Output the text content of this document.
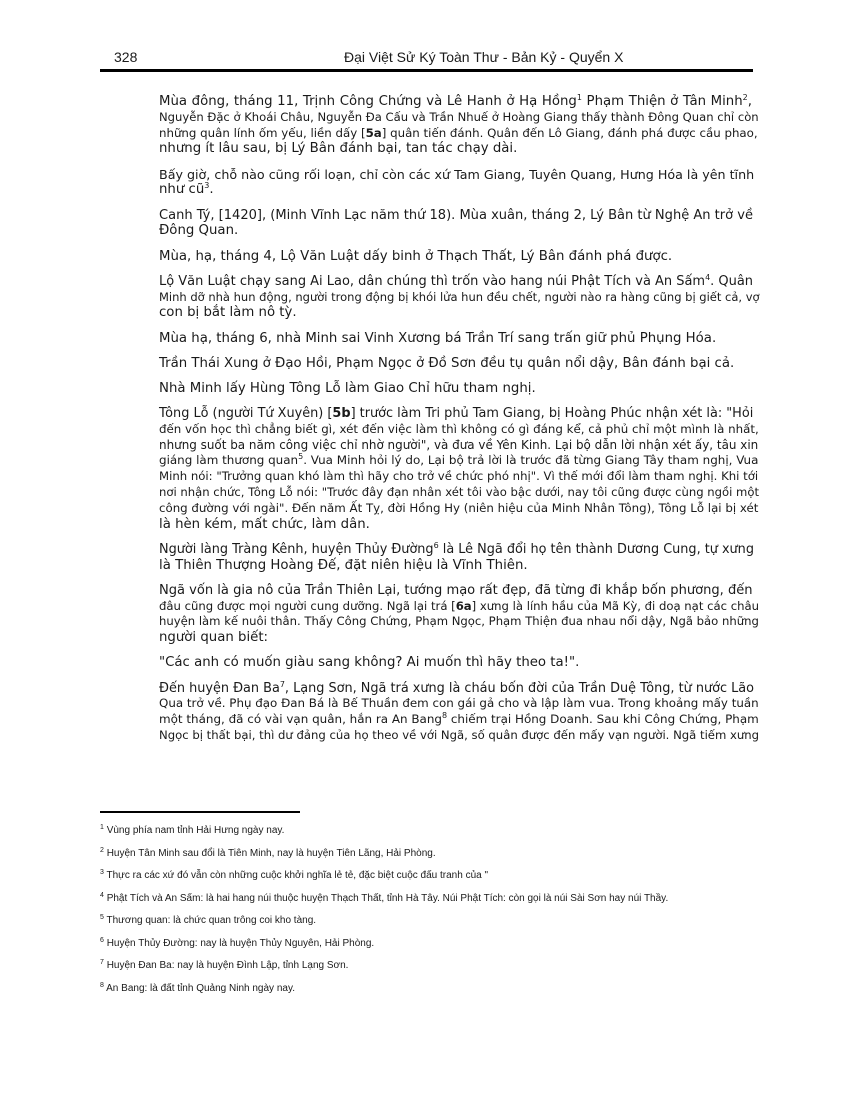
328	Đại Việt Sử Ký Toàn Thư - Bản Kỷ - Quyển X

Mùa đông, tháng 11, Trịnh Công Chứng và Lê Hanh ở Hạ Hồng$^1$ Phạm Thiện ở Tân Minh$^2$,
Nguyễn Đặc ở Khoái Châu, Nguyễn Đa Cấu và Trần Nhuế ở Hoàng Giang thấy thành Đông Quan chỉ còn
những quân lính ốm yếu, liền dấy [5a] quân tiến đánh. Quân đến Lô Giang, đánh phá được cầu phao,
nhưng ít lâu sau, bị Lý Bân đánh bại, tan tác chạy dài.

Bấy giờ, chỗ nào cũng rối loạn, chỉ còn các xứ Tam Giang, Tuyên Quang, Hưng Hóa là yên tĩnh
như $cũ^3$.

Canh Tý, [1420], (Minh Vĩnh Lạc năm thứ 18). Mùa xuân, tháng 2, Lý Bân từ Nghệ An trở về
Đông Quan.

Mùa, hạ, tháng 4, Lộ Văn Luật dấy binh ở Thạch Thất, Lý Bân đánh phá được.

Lộ Văn Luật chạy sang Ai Lao, dân chúng thì trốn vào hang núi Phật Tích và An Sấm$^4$. Quân
Minh dỡ nhà hun động, người trong động bị khói lửa hun đều chết, người nào ra hàng cũng bị giết cả, vợ
con bị bắt làm nô tỳ.

Mùa hạ, tháng 6, nhà Minh sai Vinh Xương bá Trần Trí sang trấn giữ phủ Phụng Hóa.

Trần Thái Xung ở Đạo Hồi, Phạm Ngọc ở Đồ Sơn đều tụ quân nổi dậy, Bân đánh bại cả.

Nhà Minh lấy Hùng Tông Lỗ làm Giao Chỉ hữu tham nghị.

Tông Lỗ (người Tứ Xuyên) [5b] trước làm Tri phủ Tam Giang, bị Hoàng Phúc nhận xét là: "Hỏi
đến vốn học thì chẳng biết gì, xét đến việc làm thì không có gì đáng kể, cả phủ chỉ một mình là nhất,
nhưng suốt ba năm công việc chỉ nhờ người", và đưa về Yên Kinh. Lại bộ dẫn lời nhận xét ấy, tâu xin
giáng làm thương quan$^5$. Vua Minh hỏi lý do, Lại bộ trả lời là trước đã từng Giang Tây tham nghị, Vua
Minh nói: "Trưởng quan khó làm thì hãy cho trở về chức phó nhị". Vì thế mới đổi làm tham nghị. Khi tới
nơi nhận chức, Tông Lỗ nói: "Trước đây đạn nhân xét tôi vào bậc dưới, nay tôi cũng được cùng ngồi một
công đường với ngài". Đến năm Ất Tỵ, đời Hồng Hy (niên hiệu của Minh Nhân Tông), Tông Lỗ lại bị xét
là hèn kém, mất chức, làm dân.

Người làng Tràng Kênh, huyện Thủy Đường$^6$ là Lê Ngã đổi họ tên thành Dương Cung, tự xưng
là Thiên Thượng Hoàng Đế, đặt niên hiệu là Vĩnh Thiên.

Ngã vốn là gia nô của Trần Thiên Lại, tướng mạo rất đẹp, đã từng đi khắp bốn phương, đến
đâu cũng được mọi người cung dưỡng. Ngã lại trá [6a] xưng là lính hầu của Mã Kỳ, đi doạ nạt các châu
huyện làm kế nuôi thân. Thấy Công Chứng, Phạm Ngọc, Phạm Thiện đua nhau nổi dậy, Ngã bảo những
người quan biết:

"Các anh có muốn giàu sang không? Ai muốn thì hãy theo ta!".

Đến huyện Đan Ba$^7$, Lạng Sơn, Ngã trá xưng là cháu bốn đời của Trần Duệ Tông, từ nước Lão
Qua trở về. Phụ đạo Đan Bá là Bế Thuần đem con gái gả cho và lập làm vua. Trong khoảng mấy tuần
một tháng, đã có vài vạn quân, hắn ra An Bang$^8$ chiếm trại Hồng Doanh. Sau khi Công Chứng, Phạm
Ngọc bị thất bại, thì dư đảng của họ theo về với Ngã, số quân được đến mấy vạn người. Ngã tiếm xưng

$^1$ Vùng phía nam tỉnh Hải Hưng ngày nay.
$^2$ Huyện Tân Minh sau đổi là Tiên Minh, nay là huyện Tiên Lãng, Hải Phòng.
$^3$ Thực ra các xứ đó vẫn còn những cuộc khởi nghĩa lẻ tẻ, đặc biệt cuộc đấu tranh của "
$^4$ Phật Tích và An Sấm: là hai hang núi thuộc huyện Thạch Thất, tỉnh Hà Tây. Núi Phật Tích: còn gọi là núi Sài Sơn hay núi Thầy.
$^5$ Thương quan: là chức quan trông coi kho tàng.
$^6$ Huyện Thủy Đường: nay là huyện Thủy Nguyên, Hải Phòng.
$^7$ Huyện Đan Ba: nay là huyện Đình Lập, tỉnh Lạng Sơn.
$^8$ An Bang: là đất tỉnh Quảng Ninh ngày nay.
